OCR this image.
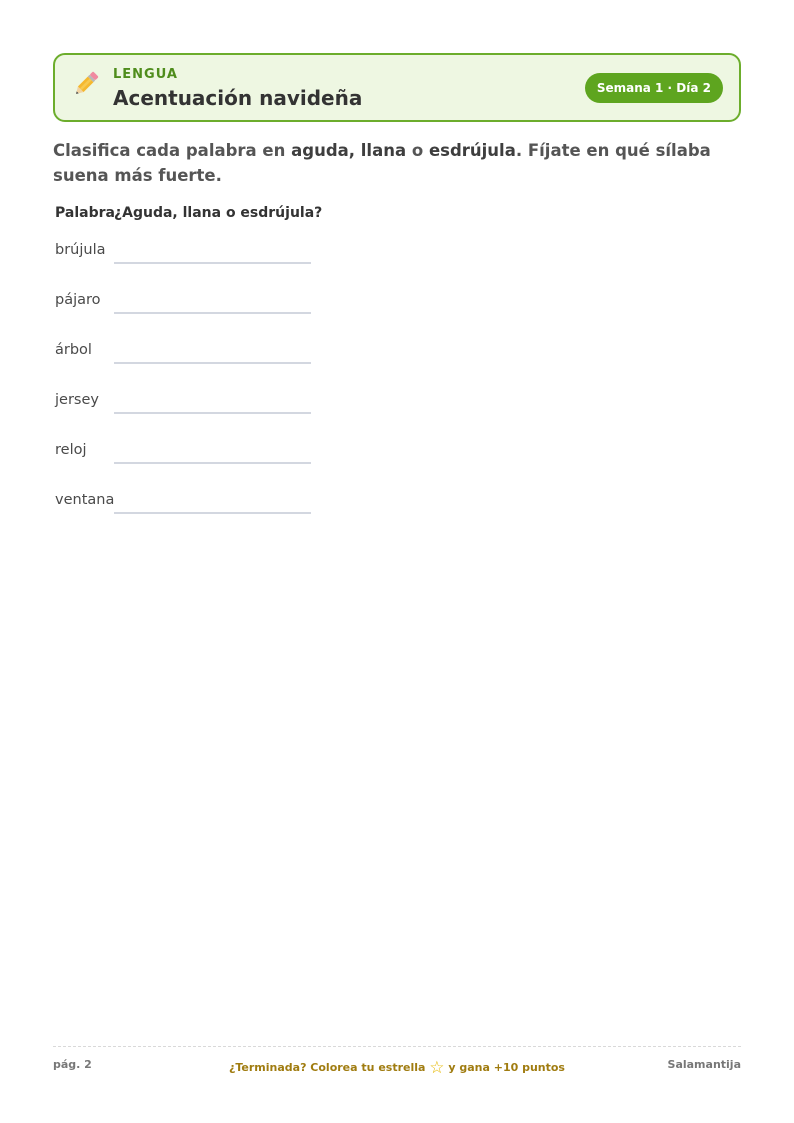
LENGUA
Acentuación navideña	Semana 1 · Día 2

Clasifica cada palabra en aguda, llana o esdrújula. Fíjate en qué sílaba suena más fuerte.

Palabra ¿Aguda, llana o esdrújula?
brújula
pájaro
árbol
jersey
reloj
ventana
pág. 2	¿Terminada? Colorea tu estrella ☆ y gana +10 puntos	Salamantija
